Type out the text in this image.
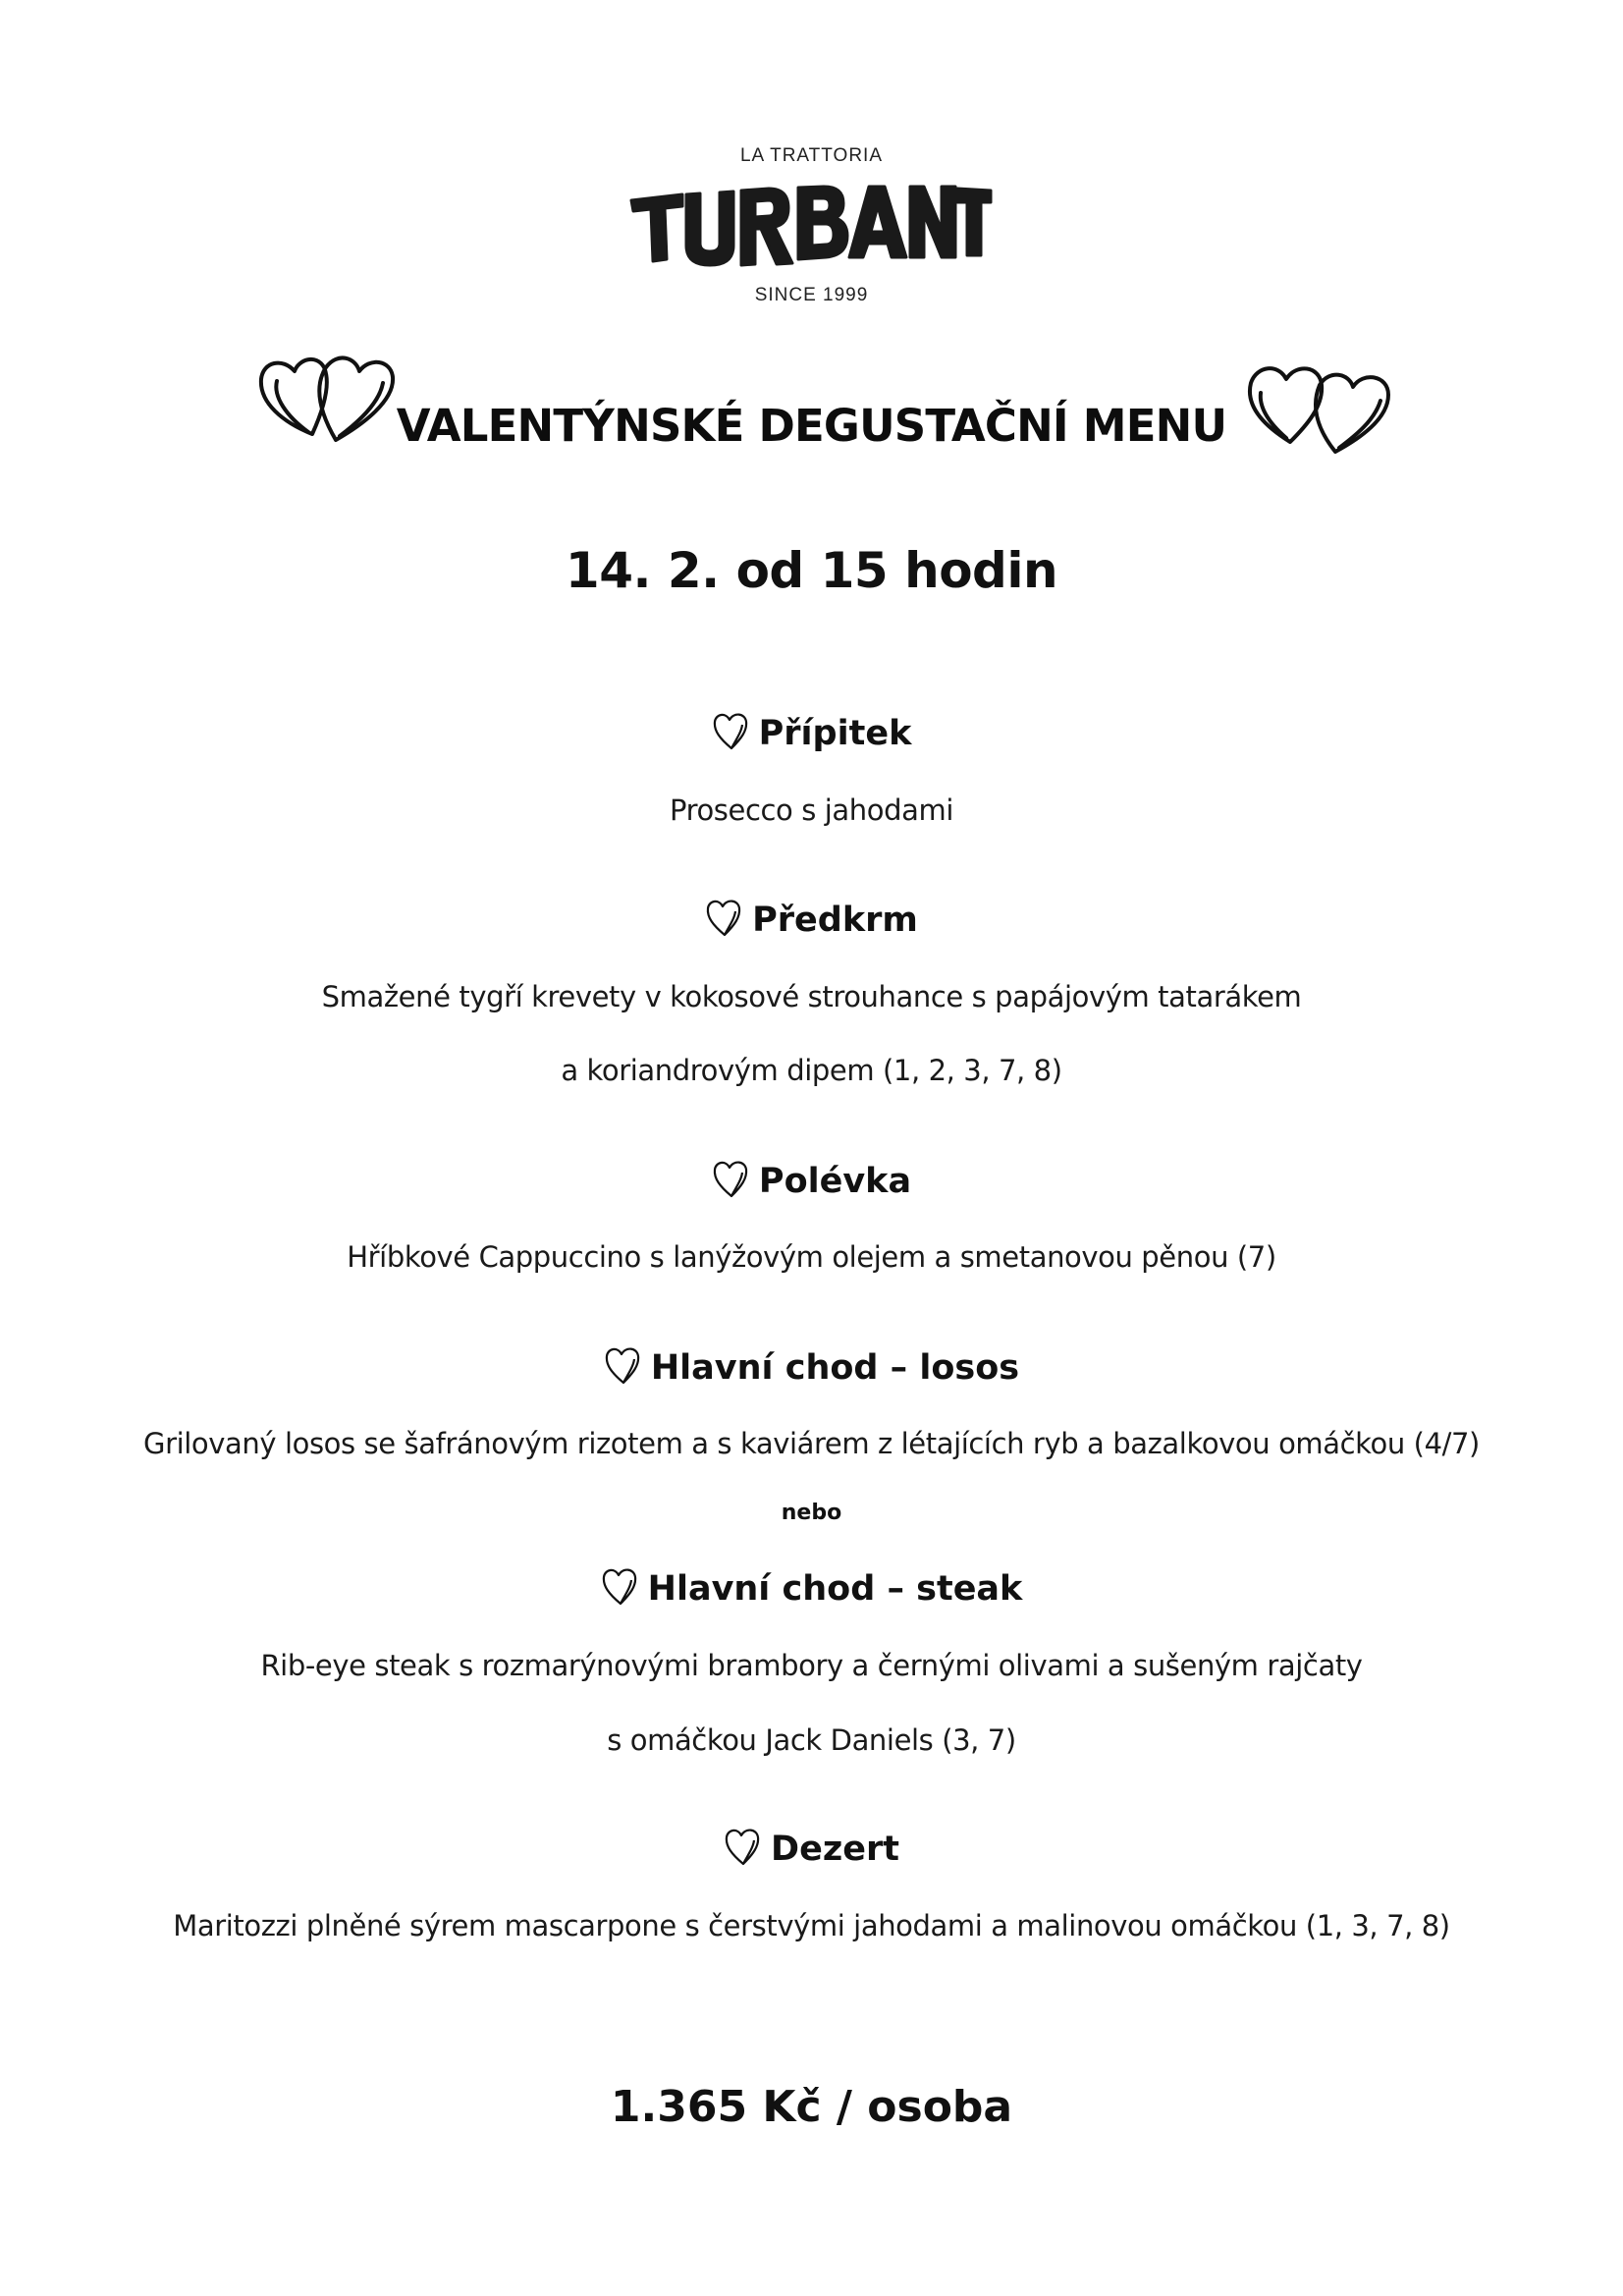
LA TRATTORIA
SINCE 1999
VALENTÝNSKÉ DEGUSTAČNÍ MENU
14. 2. od 15 hodin
Přípitek
Prosecco s jahodami
Předkrm
Smažené tygří krevety v kokosové strouhance s papájovým tatarákem
a koriandrovým dipem (1, 2, 3, 7, 8)
Polévka
Hříbkové Cappuccino s lanýžovým olejem a smetanovou pěnou (7)
Hlavní chod – losos
Grilovaný losos se šafránovým rizotem a s kaviárem z létajících ryb a bazalkovou omáčkou (4/7)
nebo
Hlavní chod – steak
Rib-eye steak s rozmarýnovými brambory a černými olivami a sušeným rajčaty
s omáčkou Jack Daniels (3, 7)
Dezert
Maritozzi plněné sýrem mascarpone s čerstvými jahodami a malinovou omáčkou (1, 3, 7, 8)
1.365 Kč / osoba
